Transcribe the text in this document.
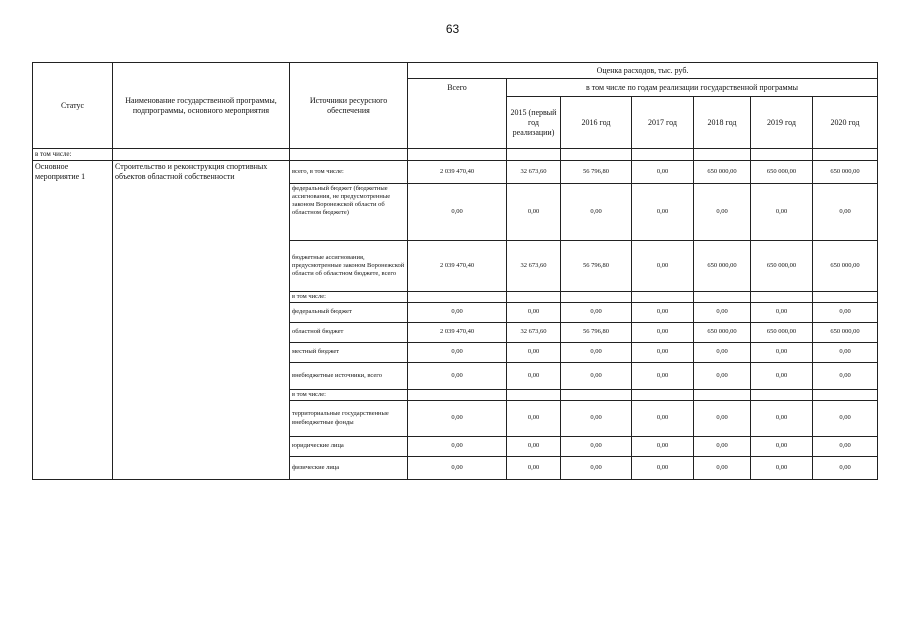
63
Статус	Наименование государственной программы, подпрограммы, основного мероприятия	Источники ресурсного обеспечения	Оценка расходов, тыс. руб.						
			Всего	в том числе по годам реализации государственной программы					
				2015 (первый год реализации)	2016 год	2017 год	2018 год	2019 год	2020 год
в том числе:									
Основное мероприятие 1	Строительство и реконструкция спортивных объектов областной собственности	всего, в том числе:	2 039 470,40	32 673,60	56 796,80	0,00	650 000,00	650 000,00	650 000,00
		федеральный бюджет (бюджетные ассигнования, не предусмотренные законом Воронежской области об областном бюджете)	0,00	0,00	0,00	0,00	0,00	0,00	0,00
		бюджетные ассигнования, предусмотренные законом Воронежской области об областном бюджете, всего	2 039 470,40	32 673,60	56 796,80	0,00	650 000,00	650 000,00	650 000,00
		в том числе:							
		федеральный бюджет	0,00	0,00	0,00	0,00	0,00	0,00	0,00
		областной бюджет	2 039 470,40	32 673,60	56 796,80	0,00	650 000,00	650 000,00	650 000,00
		местный бюджет	0,00	0,00	0,00	0,00	0,00	0,00	0,00
		внебюджетные источники, всего	0,00	0,00	0,00	0,00	0,00	0,00	0,00
		в том числе:							
		территориальные государственные внебюджетные фонды	0,00	0,00	0,00	0,00	0,00	0,00	0,00
		юридические лица	0,00	0,00	0,00	0,00	0,00	0,00	0,00
		физические лица	0,00	0,00	0,00	0,00	0,00	0,00	0,00
